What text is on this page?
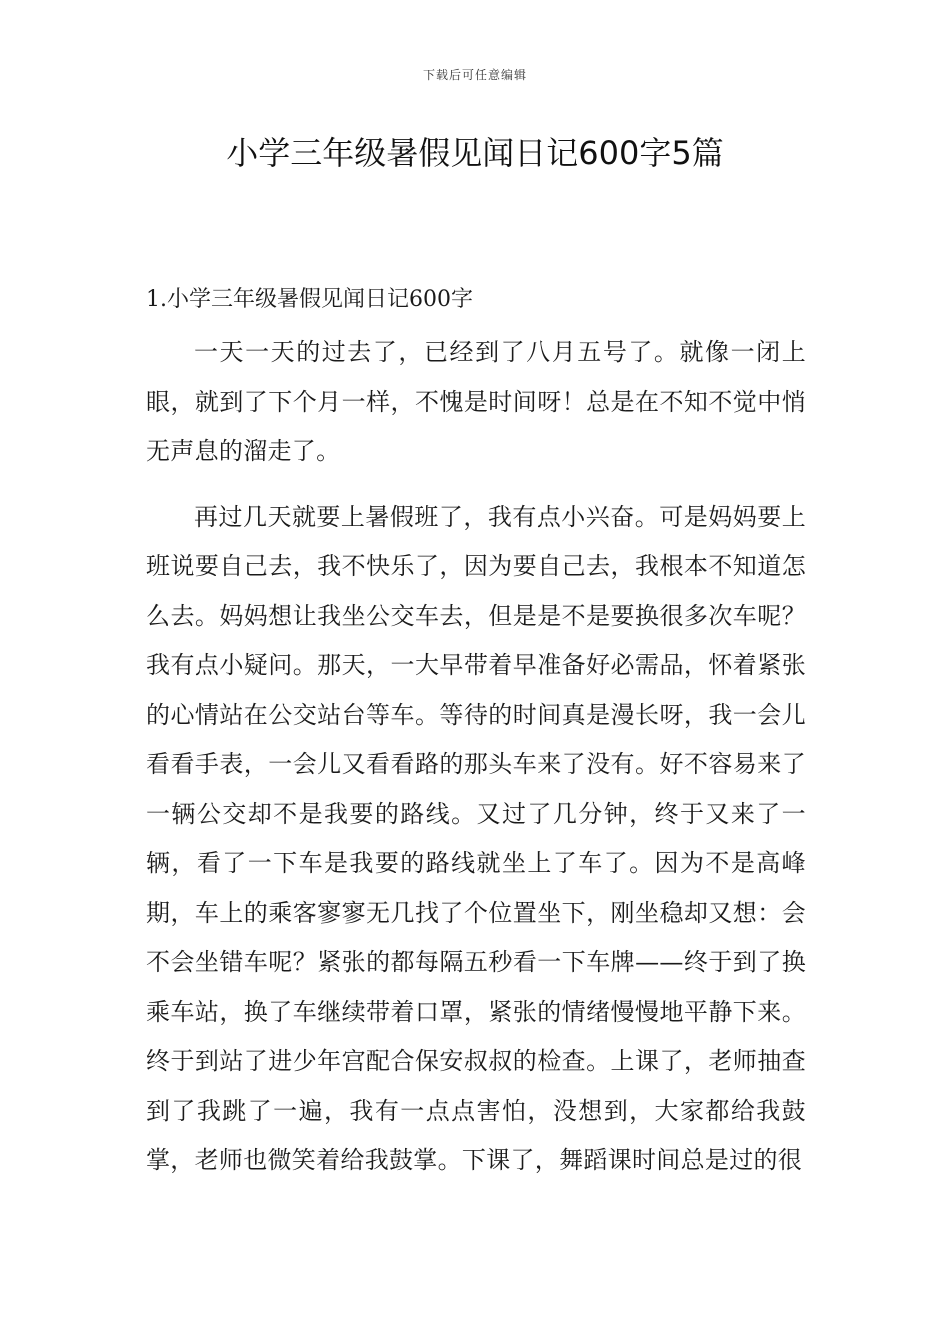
下载后可任意编辑
小学三年级暑假见闻日记600字5篇
1.小学三年级暑假见闻日记600字

一天一天的过去了，已经到了八月五号了。就像一闭上眼，就到了下个月一样，不愧是时间呀！总是在不知不觉中悄无声息的溜走了。

再过几天就要上暑假班了，我有点小兴奋。可是妈妈要上班说要自己去，我不快乐了，因为要自己去，我根本不知道怎么去。妈妈想让我坐公交车去，但是是不是要换很多次车呢？我有点小疑问。那天，一大早带着早准备好必需品，怀着紧张的心情站在公交站台等车。等待的时间真是漫长呀，我一会儿看看手表，一会儿又看看路的那头车来了没有。好不容易来了一辆公交却不是我要的路线。又过了几分钟，终于又来了一辆，看了一下车是我要的路线就坐上了车了。因为不是高峰期，车上的乘客寥寥无几找了个位置坐下，刚坐稳却又想：会不会坐错车呢？紧张的都每隔五秒看一下车牌——终于到了换乘车站，换了车继续带着口罩，紧张的情绪慢慢地平静下来。终于到站了进少年宫配合保安叔叔的检查。上课了，老师抽查到了我跳了一遍，我有一点点害怕，没想到，大家都给我鼓掌，老师也微笑着给我鼓掌。下课了，舞蹈课时间总是过的很
